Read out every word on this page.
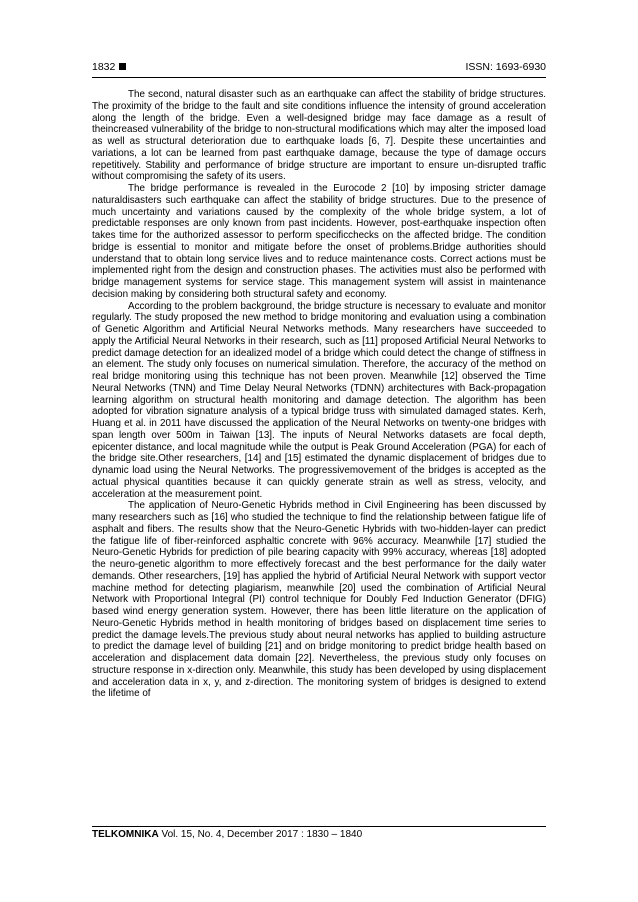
1832	ISSN: 1693-6930

The second, natural disaster such as an earthquake can affect the stability of bridge structures. The proximity of the bridge to the fault and site conditions influence the intensity of ground acceleration along the length of the bridge. Even a well-designed bridge may face damage as a result of theincreased vulnerability of the bridge to non-structural modifications which may alter the imposed load as well as structural deterioration due to earthquake loads [6, 7]. Despite these uncertainties and variations, a lot can be learned from past earthquake damage, because the type of damage occurs repetitively. Stability and performance of bridge structure are important to ensure un-disrupted traffic without compromising the safety of its users.

The bridge performance is revealed in the Eurocode 2 [10] by imposing stricter damage naturaldisasters such earthquake can affect the stability of bridge structures. Due to the presence of much uncertainty and variations caused by the complexity of the whole bridge system, a lot of predictable responses are only known from past incidents. However, post-earthquake inspection often takes time for the authorized assessor to perform specificchecks on the affected bridge. The condition bridge is essential to monitor and mitigate before the onset of problems.Bridge authorities should understand that to obtain long service lives and to reduce maintenance costs. Correct actions must be implemented right from the design and construction phases. The activities must also be performed with bridge management systems for service stage. This management system will assist in maintenance decision making by considering both structural safety and economy.

According to the problem background, the bridge structure is necessary to evaluate and monitor regularly. The study proposed the new method to bridge monitoring and evaluation using a combination of Genetic Algorithm and Artificial Neural Networks methods. Many researchers have succeeded to apply the Artificial Neural Networks in their research, such as [11] proposed Artificial Neural Networks to predict damage detection for an idealized model of a bridge which could detect the change of stiffness in an element. The study only focuses on numerical simulation. Therefore, the accuracy of the method on real bridge monitoring using this technique has not been proven. Meanwhile [12] observed the Time Neural Networks (TNN) and Time Delay Neural Networks (TDNN) architectures with Back-propagation learning algorithm on structural health monitoring and damage detection. The algorithm has been adopted for vibration signature analysis of a typical bridge truss with simulated damaged states. Kerh, Huang et al. in 2011 have discussed the application of the Neural Networks on twenty-one bridges with span length over 500m in Taiwan [13]. The inputs of Neural Networks datasets are focal depth, epicenter distance, and local magnitude while the output is Peak Ground Acceleration (PGA) for each of the bridge site.Other researchers, [14] and [15] estimated the dynamic displacement of bridges due to dynamic load using the Neural Networks. The progressivemovement of the bridges is accepted as the actual physical quantities because it can quickly generate strain as well as stress, velocity, and acceleration at the measurement point.

The application of Neuro-Genetic Hybrids method in Civil Engineering has been discussed by many researchers such as [16] who studied the technique to find the relationship between fatigue life of asphalt and fibers. The results show that the Neuro-Genetic Hybrids with two-hidden-layer can predict the fatigue life of fiber-reinforced asphaltic concrete with 96% accuracy. Meanwhile [17] studied the Neuro-Genetic Hybrids for prediction of pile bearing capacity with 99% accuracy, whereas [18] adopted the neuro-genetic algorithm to more effectively forecast and the best performance for the daily water demands. Other researchers, [19] has applied the hybrid of Artificial Neural Network with support vector machine method for detecting plagiarism, meanwhile [20] used the combination of Artificial Neural Network with Proportional Integral (PI) control technique for Doubly Fed Induction Generator (DFIG) based wind energy generation system. However, there has been little literature on the application of Neuro-Genetic Hybrids method in health monitoring of bridges based on displacement time series to predict the damage levels.The previous study about neural networks has applied to building astructure to predict the damage level of building [21] and on bridge monitoring to predict bridge health based on acceleration and displacement data domain [22]. Nevertheless, the previous study only focuses on structure response in x-direction only. Meanwhile, this study has been developed by using displacement and acceleration data in x, y, and z-direction. The monitoring system of bridges is designed to extend the lifetime of

TELKOMNIKA Vol. 15, No. 4, December 2017 : 1830 – 1840
